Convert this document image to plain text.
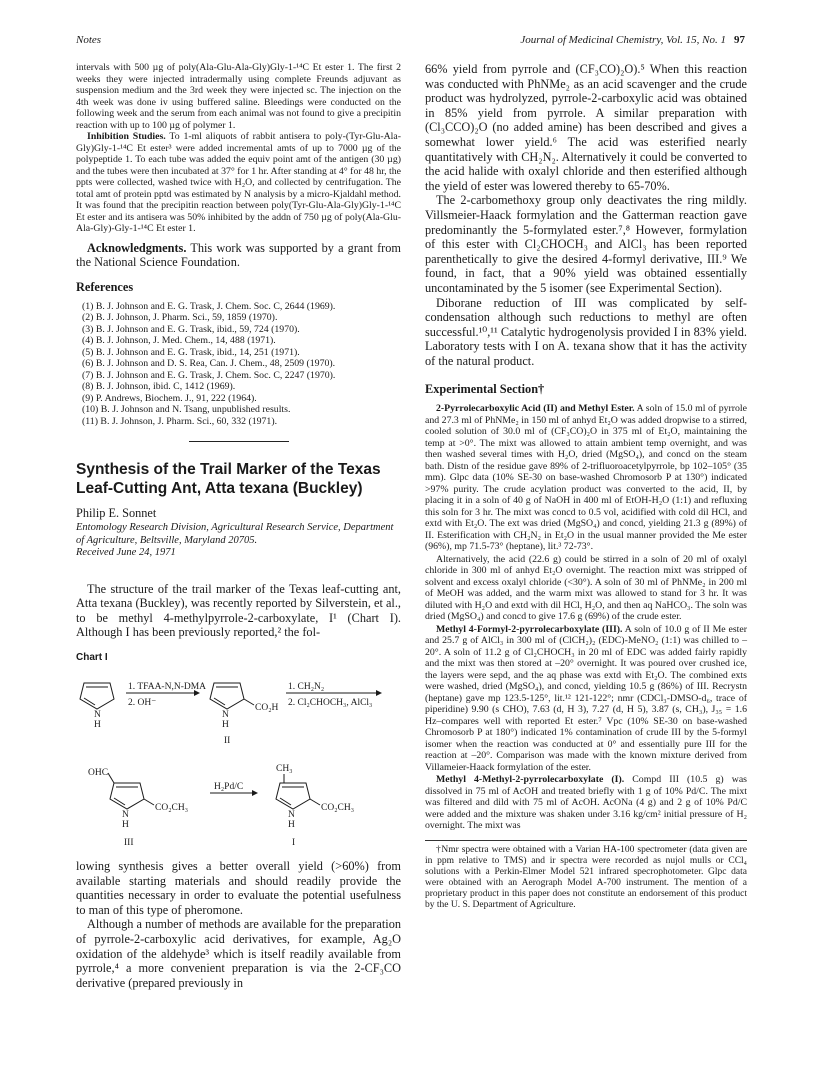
Notes	Journal of Medicinal Chemistry, Vol. 15, No. 1 97

intervals with 500 µg of poly(Ala-Glu-Ala-Gly)Gly-1-¹⁴C Et ester 1. The first 2 weeks they were injected intradermally using complete Freunds adjuvant as suspension medium and the 3rd week they were injected sc. The injection on the 4th week was done iv using buffered saline. Bleedings were conducted on the following week and the serum from each animal was not found to give a precipitin reaction with up to 100 µg of polymer 1.

Inhibition Studies. To 1-ml aliquots of rabbit antisera to poly-(Tyr-Glu-Ala-Gly)Gly-1-¹⁴C Et ester³ were added incremental amts of up to 7000 µg of the polypeptide 1. To each tube was added the equiv point amt of the antigen (30 µg) and the tubes were then incubated at 37° for 1 hr. After standing at 4° for 48 hr, the ppts were collected, washed twice with H₂O, and collected by centrifugation. The total amt of protein pptd was estimated by N analysis by a micro-Kjaldahl method. It was found that the precipitin reaction between poly(Tyr-Glu-Ala-Gly)Gly-1-¹⁴C Et ester and its antisera was 50% inhibited by the addn of 750 µg of poly(Ala-Glu-Ala-Gly)-Gly-1-¹⁴C Et ester 1.

Acknowledgments. This work was supported by a grant from the National Science Foundation.

References
(1) B. J. Johnson and E. G. Trask, J. Chem. Soc. C, 2644 (1969).
(2) B. J. Johnson, J. Pharm. Sci., 59, 1859 (1970).
(3) B. J. Johnson and E. G. Trask, ibid., 59, 724 (1970).
(4) B. J. Johnson, J. Med. Chem., 14, 488 (1971).
(5) B. J. Johnson and E. G. Trask, ibid., 14, 251 (1971).
(6) B. J. Johnson and D. S. Rea, Can. J. Chem., 48, 2509 (1970).
(7) B. J. Johnson and E. G. Trask, J. Chem. Soc. C, 2247 (1970).
(8) B. J. Johnson, ibid. C, 1412 (1969).
(9) P. Andrews, Biochem. J., 91, 222 (1964).
(10) B. J. Johnson and N. Tsang, unpublished results.
(11) B. J. Johnson, J. Pharm. Sci., 60, 332 (1971).
Synthesis of the Trail Marker of the Texas Leaf-Cutting Ant, Atta texana (Buckley)
Philip E. Sonnet
Entomology Research Division, Agricultural Research Service, Department of Agriculture, Beltsville, Maryland 20705.
Received June 24, 1971

The structure of the trail marker of the Texas leaf-cutting ant, Atta texana (Buckley), was recently reported by Silverstein, et al., to be methyl 4-methylpyrrole-2-carboxylate, I¹ (Chart I). Although I has been previously reported,² the fol-

Chart I
N
H
1. TFAA-N,N-DMA
2. OH⁻
N
H
CO₂H
II
1. CH₂N₂
2. Cl₂CHOCH₃, AlCl₃
OHC
N
H
CO₂CH₃
III
H₂Pd/C
CH₃
N
H
CO₂CH₃
I

lowing synthesis gives a better overall yield (>60%) from available starting materials and should readily provide the quantities necessary in order to evaluate the potential usefulness to man of this type of pheromone.

Although a number of methods are available for the preparation of pyrrole-2-carboxylic acid derivatives, for example, Ag₂O oxidation of the aldehyde³ which is itself readily available from pyrrole,⁴ a more convenient preparation is via the 2-CF₃CO derivative (prepared previously in

66% yield from pyrrole and (CF₃CO)₂O).⁵ When this reaction was conducted with PhNMe₂ as an acid scavenger and the crude product was hydrolyzed, pyrrole-2-carboxylic acid was obtained in 85% yield from pyrrole. A similar preparation with (Cl₃CCO)₂O (no added amine) has been described and gives a somewhat lower yield.⁶ The acid was esterified nearly quantitatively with CH₂N₂. Alternatively it could be converted to the acid halide with oxalyl chloride and then esterified although the yield of ester was lowered thereby to 65-70%.

The 2-carbomethoxy group only deactivates the ring mildly. Villsmeier-Haack formylation and the Gatterman reaction gave predominantly the 5-formylated ester.⁷,⁸ However, formylation of this ester with Cl₂CHOCH₃ and AlCl₃ has been reported parenthetically to give the desired 4-formyl derivative, III.⁹ We found, in fact, that a 90% yield was obtained essentially uncontaminated by the 5 isomer (see Experimental Section).

Diborane reduction of III was complicated by self-condensation although such reductions to methyl are often successful.¹⁰,¹¹ Catalytic hydrogenolysis provided I in 83% yield. Laboratory tests with I on A. texana show that it has the activity of the natural product.

Experimental Section†

2-Pyrrolecarboxylic Acid (II) and Methyl Ester. A soln of 15.0 ml of pyrrole and 27.3 ml of PhNMe₂ in 150 ml of anhyd Et₂O was added dropwise to a stirred, cooled solution of 30.0 ml of (CF₃CO)₂O in 375 ml of Et₂O, maintaining the temp at >0°. The mixt was allowed to attain ambient temp overnight, and was then washed several times with H₂O, dried (MgSO₄), and concd on the steam bath. Distn of the residue gave 89% of 2-trifluoroacetylpyrrole, bp 102–105° (35 mm). Glpc data (10% SE-30 on base-washed Chromosorb P at 130°) indicated >97% purity. The crude acylation product was converted to the acid, II, by placing it in a soln of 40 g of NaOH in 400 ml of EtOH-H₂O (1:1) and refluxing this soln for 3 hr. The mixt was concd to 0.5 vol, acidified with cold dil HCl, and extd with Et₂O. The ext was dried (MgSO₄) and concd, yielding 21.3 g (89%) of II. Esterification with CH₂N₂ in Et₂O in the usual manner provided the Me ester (96%), mp 71.5-73° (heptane), lit.³ 72-73°.

Alternatively, the acid (22.6 g) could be stirred in a soln of 20 ml of oxalyl chloride in 300 ml of anhyd Et₂O overnight. The reaction mixt was stripped of solvent and excess oxalyl chloride (<30°). A soln of 30 ml of PhNMe₂ in 200 ml of MeOH was added, and the warm mixt was allowed to stand for 3 hr. It was diluted with H₂O and extd with dil HCl, H₂O, and then aq NaHCO₃. The soln was dried (MgSO₄) and concd to give 17.6 g (69%) of the crude ester.

Methyl 4-Formyl-2-pyrrolecarboxylate (III). A soln of 10.0 g of II Me ester and 25.7 g of AlCl₃ in 300 ml of (ClCH₂)₂ (EDC)-MeNO₂ (1:1) was chilled to –20°. A soln of 11.2 g of Cl₂CHOCH₃ in 20 ml of EDC was added fairly rapidly and the mixt was then stored at –20° overnight. It was poured over crushed ice, the layers were sepd, and the aq phase was extd with Et₂O. The combined exts were washed, dried (MgSO₄), and concd, yielding 10.5 g (86%) of III. Recrystn (heptane) gave mp 123.5-125°, lit.¹² 121-122°; nmr (CDCl₃-DMSO-d₆, trace of piperidine) 9.90 (s CHO), 7.63 (d, H 3), 7.27 (d, H 5), 3.87 (s, CH₃), J₃₅ = 1.6 Hz–compares well with reported Et ester.⁷ Vpc (10% SE-30 on base-washed Chromosorb P at 180°) indicated 1% contamination of crude III by the 5-formyl isomer when the reaction was conducted at 0° and essentially pure III for the reaction at –20°. Comparison was made with the known mixture derived from Villameier-Haack formylation of the ester.

Methyl 4-Methyl-2-pyrrolecarboxylate (I). Compd III (10.5 g) was dissolved in 75 ml of AcOH and treated briefly with 1 g of 10% Pd/C. The mixt was filtered and dild with 75 ml of AcOH. AcONa (4 g) and 2 g of 10% Pd/C were added and the mixture was shaken under 3.16 kg/cm² initial pressure of H₂ overnight. The mixt was

†Nmr spectra were obtained with a Varian HA-100 spectrometer (data given are in ppm relative to TMS) and ir spectra were recorded as nujol mulls or CCl₄ solutions with a Perkin-Elmer Model 521 infrared specrophotometer. Glpc data were obtained with an Aerograph Model A-700 instrument. The mention of a proprietary product in this paper does not constitute an endorsement of this product by the U. S. Department of Agriculture.
